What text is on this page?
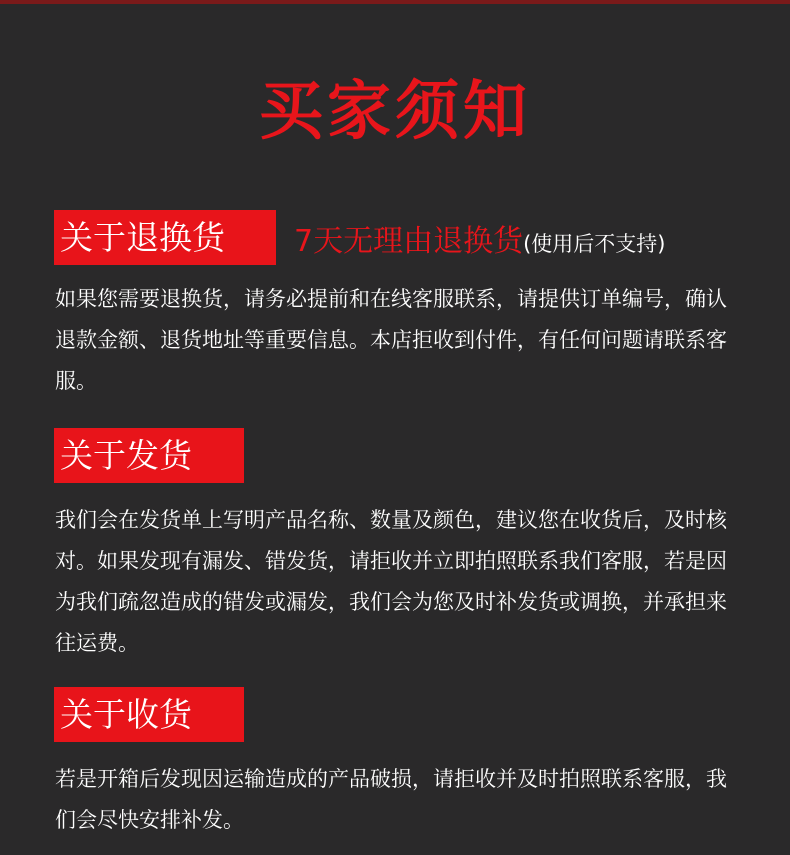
买家须知
关于退换货	7天无理由退换货(使用后不支持)

如果您需要退换货，请务必提前和在线客服联系，请提供订单编号，确认退款金额、退货地址等重要信息。本店拒收到付件，有任何问题请联系客服。

关于发货

我们会在发货单上写明产品名称、数量及颜色，建议您在收货后，及时核对。如果发现有漏发、错发货，请拒收并立即拍照联系我们客服，若是因为我们疏忽造成的错发或漏发，我们会为您及时补发货或调换，并承担来往运费。

关于收货

若是开箱后发现因运输造成的产品破损，请拒收并及时拍照联系客服，我们会尽快安排补发。
